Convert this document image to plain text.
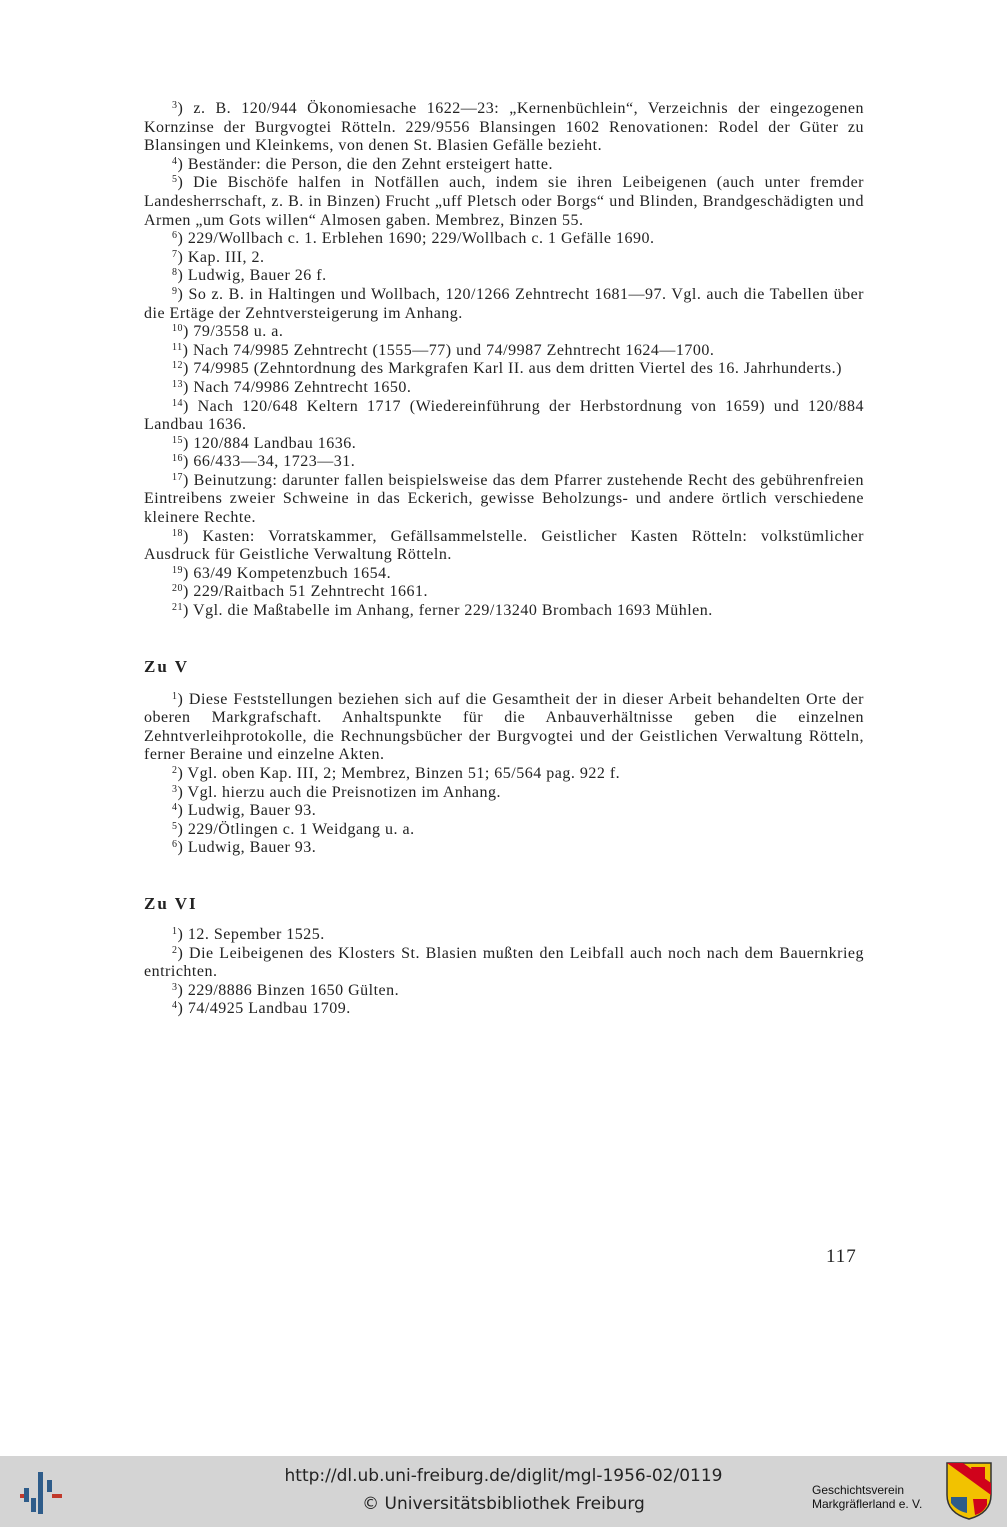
$^3$) z. B. 120/944 Ökonomiesache 1622—23: „Kernenbüchlein“, Verzeichnis der eingezogenen Kornzinse der Burgvogtei Rötteln. 229/9556 Blansingen 1602 Renovationen: Rodel der Güter zu Blansingen und Kleinkems, von denen St. Blasien Gefälle bezieht.

$^4$) Beständer: die Person, die den Zehnt ersteigert hatte.

$^5$) Die Bischöfe halfen in Notfällen auch, indem sie ihren Leibeigenen (auch unter fremder Landesherrschaft, z. B. in Binzen) Frucht „uff Pletsch oder Borgs“ und Blinden, Brandgeschädigten und Armen „um Gots willen“ Almosen gaben. Membrez, Binzen 55.

$^6$) 229/Wollbach c. 1. Erblehen 1690; 229/Wollbach c. 1 Gefälle 1690.

$^7$) Kap. III, 2.

$^8$) Ludwig, Bauer 26 f.

$^9$) So z. B. in Haltingen und Wollbach, 120/1266 Zehntrecht 1681—97. Vgl. auch die Tabellen über die Ertäge der Zehntversteigerung im Anhang.

$^{10}$) 79/3558 u. a.

$^{11}$) Nach 74/9985 Zehntrecht (1555—77) und 74/9987 Zehntrecht 1624—1700.

$^{12}$) 74/9985 (Zehntordnung des Markgrafen Karl II. aus dem dritten Viertel des 16. Jahrhunderts.)

$^{13}$) Nach 74/9986 Zehntrecht 1650.

$^{14}$) Nach 120/648 Keltern 1717 (Wiedereinführung der Herbstordnung von 1659) und 120/884 Landbau 1636.

$^{15}$) 120/884 Landbau 1636.

$^{16}$) 66/433—34, 1723—31.

$^{17}$) Beinutzung: darunter fallen beispielsweise das dem Pfarrer zustehende Recht des gebührenfreien Eintreibens zweier Schweine in das Eckerich, gewisse Beholzungs- und andere örtlich verschiedene kleinere Rechte.

$^{18}$) Kasten: Vorratskammer, Gefällsammelstelle. Geistlicher Kasten Rötteln: volkstümlicher Ausdruck für Geistliche Verwaltung Rötteln.

$^{19}$) 63/49 Kompetenzbuch 1654.

$^{20}$) 229/Raitbach 51 Zehntrecht 1661.

$^{21}$) Vgl. die Maßtabelle im Anhang, ferner 229/13240 Brombach 1693 Mühlen.

Zu V

$^1$) Diese Feststellungen beziehen sich auf die Gesamtheit der in dieser Arbeit behandelten Orte der oberen Markgrafschaft. Anhaltspunkte für die Anbauverhältnisse geben die einzelnen Zehntverleihprotokolle, die Rechnungsbücher der Burgvogtei und der Geistlichen Verwaltung Rötteln, ferner Beraine und einzelne Akten.

$^2$) Vgl. oben Kap. III, 2; Membrez, Binzen 51; 65/564 pag. 922 f.

$^3$) Vgl. hierzu auch die Preisnotizen im Anhang.

$^4$) Ludwig, Bauer 93.

$^5$) 229/Ötlingen c. 1 Weidgang u. a.

$^6$) Ludwig, Bauer 93.

Zu VI

$^1$) 12. Sepember 1525.

$^2$) Die Leibeigenen des Klosters St. Blasien mußten den Leibfall auch noch nach dem Bauernkrieg entrichten.

$^3$) 229/8886 Binzen 1650 Gülten.

$^4$) 74/4925 Landbau 1709.

117
http://dl.ub.uni-freiburg.de/diglit/mgl-1956-02/0119
© Universitätsbibliothek Freiburg
Geschichtsverein
Markgräflerland e. V.
